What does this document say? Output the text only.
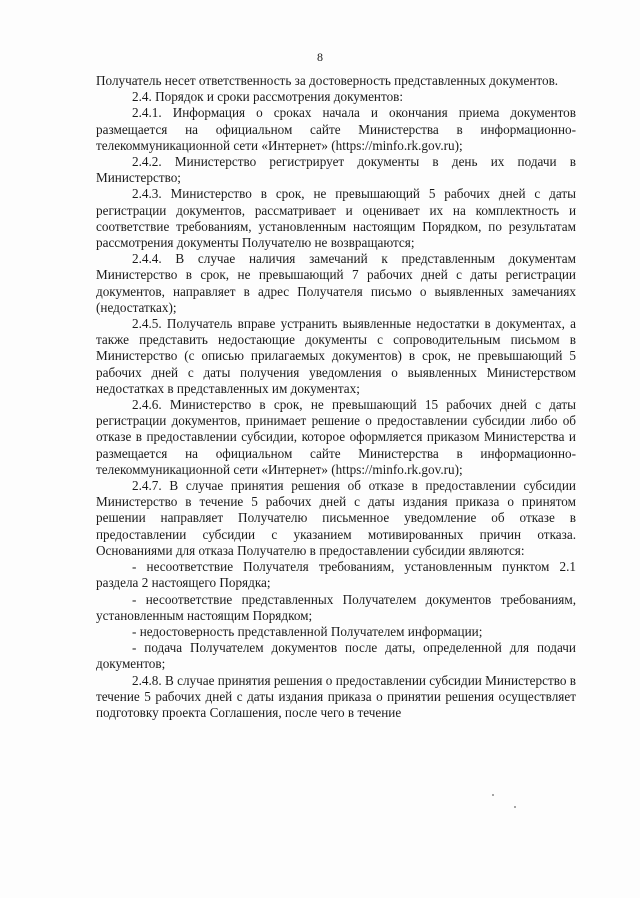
8

Получатель несет ответственность за достоверность представленных документов.

2.4. Порядок и сроки рассмотрения документов:

2.4.1. Информация о сроках начала и окончания приема документов размещается на официальном сайте Министерства в информационно-телекоммуникационной сети «Интернет» (https://minfo.rk.gov.ru);

2.4.2. Министерство регистрирует документы в день их подачи в Министерство;

2.4.3. Министерство в срок, не превышающий 5 рабочих дней с даты регистрации документов, рассматривает и оценивает их на комплектность и соответствие требованиям, установленным настоящим Порядком, по результатам рассмотрения документы Получателю не возвращаются;

2.4.4. В случае наличия замечаний к представленным документам Министерство в срок, не превышающий 7 рабочих дней с даты регистрации документов, направляет в адрес Получателя письмо о выявленных замечаниях (недостатках);

2.4.5. Получатель вправе устранить выявленные недостатки в документах, а также представить недостающие документы с сопроводительным письмом в Министерство (с описью прилагаемых документов) в срок, не превышающий 5 рабочих дней с даты получения уведомления о выявленных Министерством недостатках в представленных им документах;

2.4.6. Министерство в срок, не превышающий 15 рабочих дней с даты регистрации документов, принимает решение о предоставлении субсидии либо об отказе в предоставлении субсидии, которое оформляется приказом Министерства и размещается на официальном сайте Министерства в информационно-телекоммуникационной сети «Интернет» (https://minfo.rk.gov.ru);

2.4.7. В случае принятия решения об отказе в предоставлении субсидии Министерство в течение 5 рабочих дней с даты издания приказа о принятом решении направляет Получателю письменное уведомление об отказе в предоставлении субсидии с указанием мотивированных причин отказа. Основаниями для отказа Получателю в предоставлении субсидии являются:

- несоответствие Получателя требованиям, установленным пунктом 2.1 раздела 2 настоящего Порядка;

- несоответствие представленных Получателем документов требованиям, установленным настоящим Порядком;

- недостоверность представленной Получателем информации;

- подача Получателем документов после даты, определенной для подачи документов;

2.4.8. В случае принятия решения о предоставлении субсидии Министерство в течение 5 рабочих дней с даты издания приказа о принятии решения осуществляет подготовку проекта Соглашения, после чего в течение
